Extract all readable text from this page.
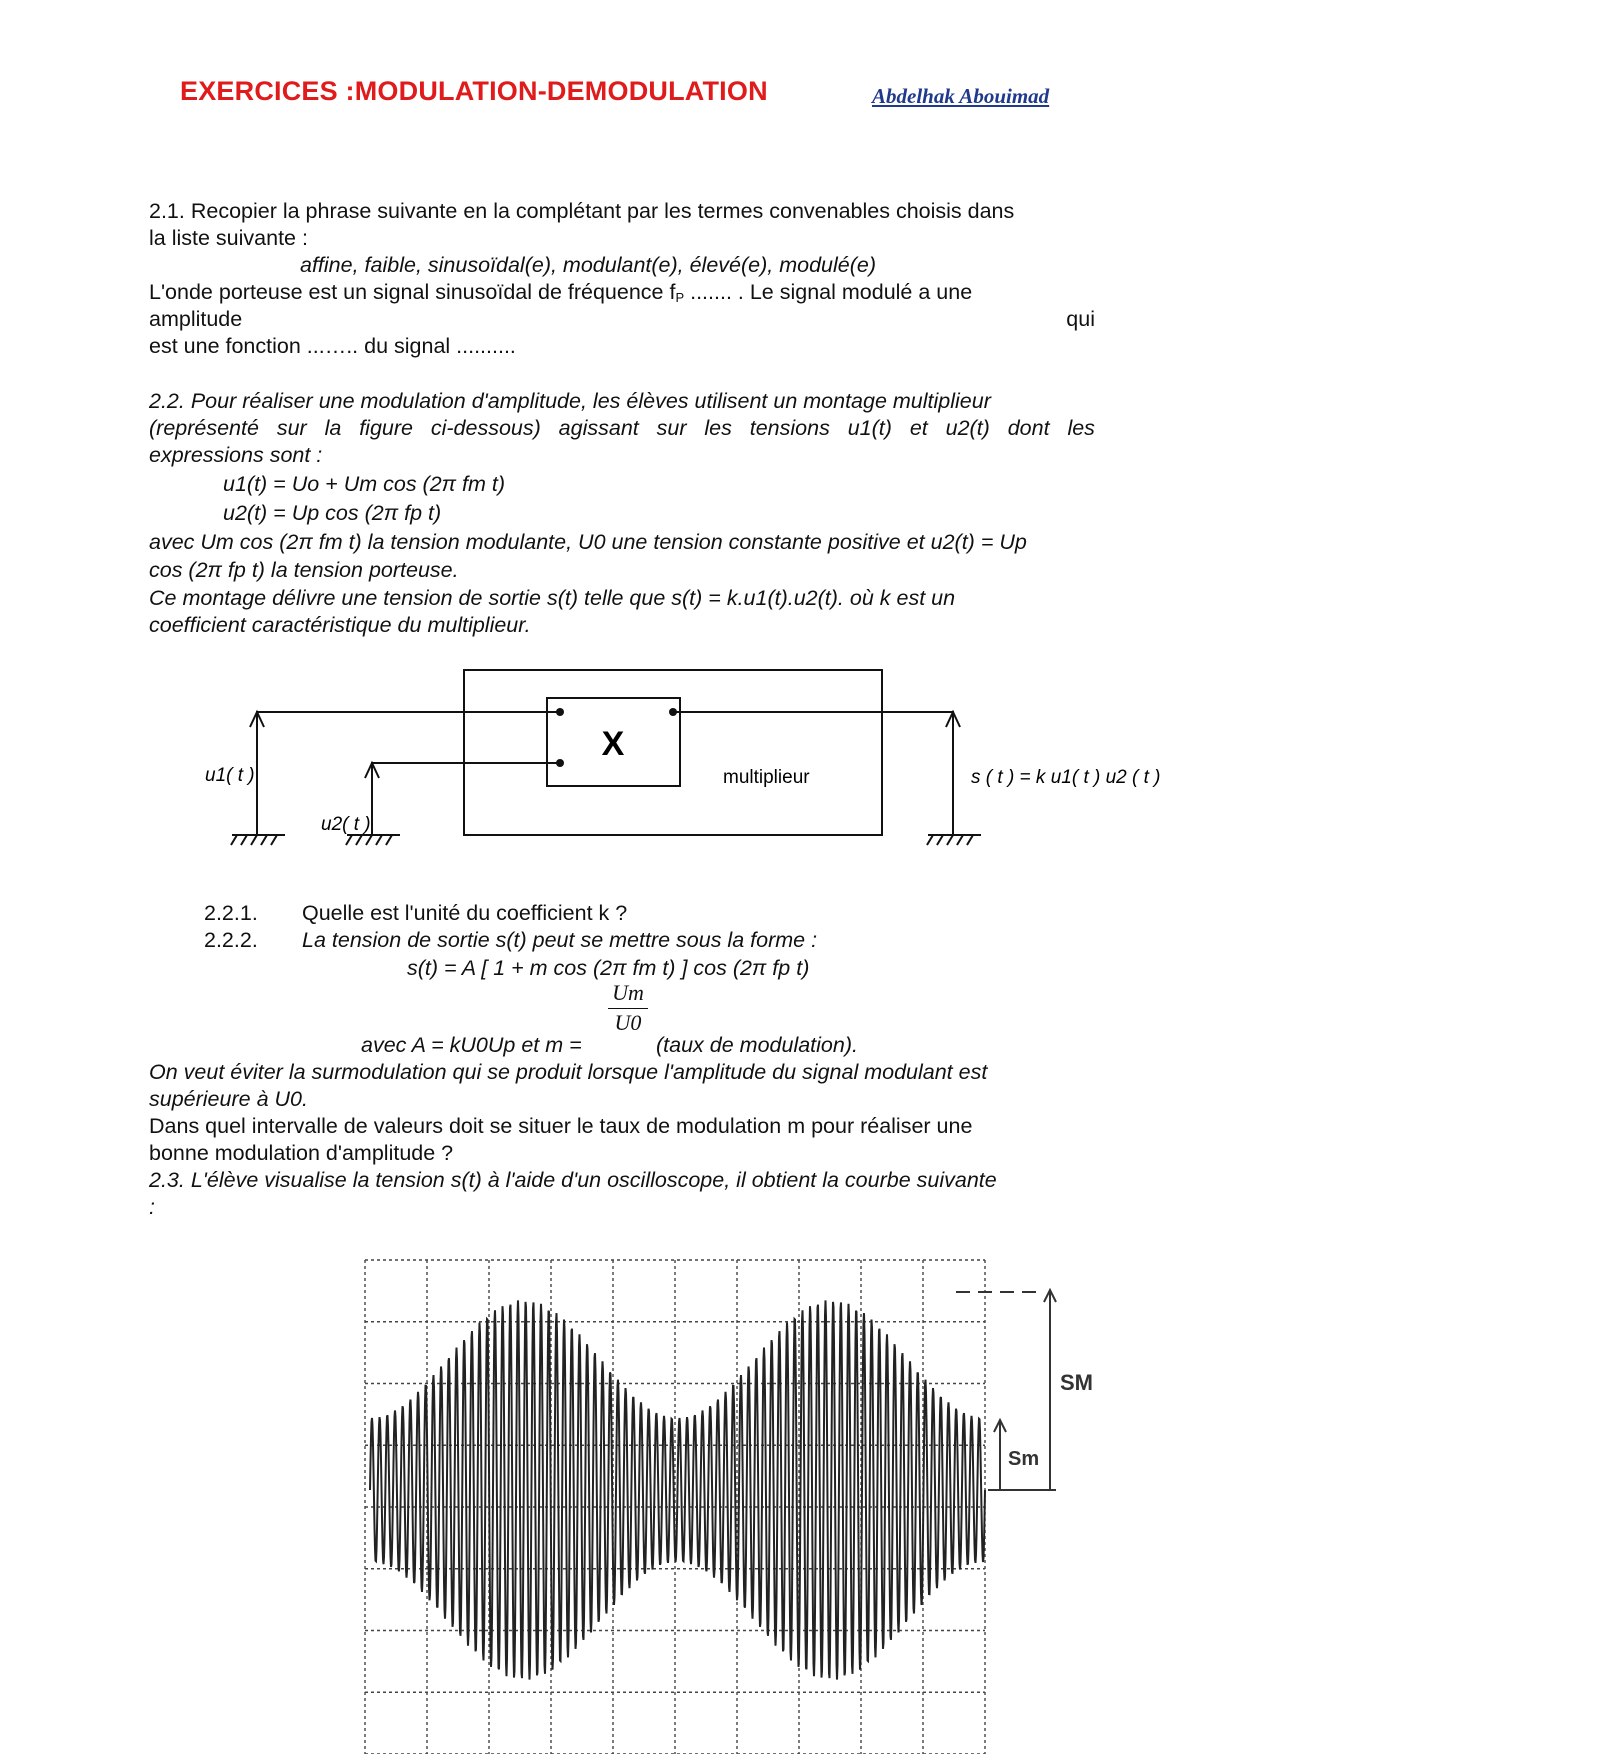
EXERCICES :MODULATION-DEMODULATION	Abdelhak Abouimad
2.1. Recopier la phrase suivante en la complétant par les termes convenables choisis dans
la liste suivante :
affine, faible, sinusoïdal(e), modulant(e), élevé(e), modulé(e)
L'onde porteuse est un signal sinusoïdal de fréquence $f_P$ ....... . Le signal modulé a une
amplitude	qui
est une fonction ...….. du signal ..........
2.2. Pour réaliser une modulation d'amplitude, les élèves utilisent un montage multiplieur
(représenté sur la figure ci-dessous) agissant sur les tensions u1(t) et u2(t) dont les
expressions sont :
u1(t) = Uo + Um cos (2π fm t)
u2(t) = Up cos (2π fp t)
avec Um cos (2π fm t) la tension modulante, U0 une tension constante positive et u2(t) = Up
cos (2π fp t) la tension porteuse.
Ce montage délivre une tension de sortie s(t) telle que s(t) = k.u1(t).u2(t). où k est un
coefficient caractéristique du multiplieur.
X
multiplieur
u1( t )
u2( t )
s ( t ) = k u1( t ) u2 ( t )
2.2.1. Quelle est l'unité du coefficient k ?
2.2.2. La tension de sortie s(t) peut se mettre sous la forme :
s(t) = A [ 1 + m cos (2π fm t) ] cos (2π fp t)
$\frac{Um}{U0}$
avec A = kU0Up et m =	(taux de modulation).
On veut éviter la surmodulation qui se produit lorsque l'amplitude du signal modulant est
supérieure à U0.
Dans quel intervalle de valeurs doit se situer le taux de modulation m pour réaliser une
bonne modulation d'amplitude ?
2.3. L'élève visualise la tension s(t) à l'aide d'un oscilloscope, il obtient la courbe suivante
:
SM
Sm
